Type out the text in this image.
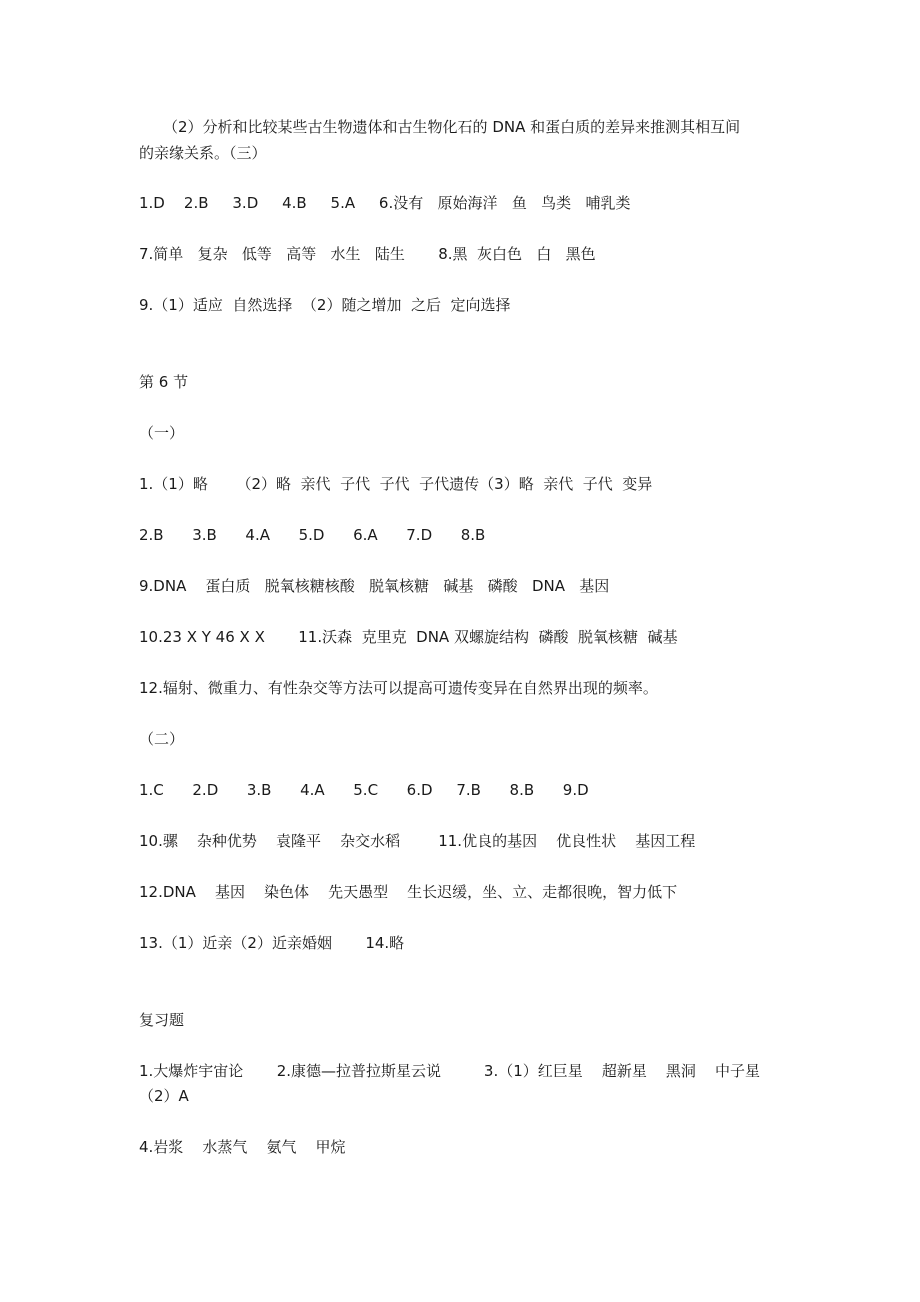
（2）分析和比较某些古生物遗体和古生物化石的 DNA 和蛋白质的差异来推测其相互间
的亲缘关系。（三）
1.D    2.B     3.D     4.B     5.A     6.没有   原始海洋   鱼   鸟类   哺乳类
7.简单   复杂   低等   高等   水生   陆生       8.黑  灰白色   白   黑色
9.（1）适应  自然选择  （2）随之增加  之后  定向选择
第 6 节
（一）
1.（1）略      （2）略  亲代  子代  子代  子代遗传（3）略  亲代  子代  变异
2.B      3.B      4.A      5.D      6.A      7.D      8.B
9.DNA    蛋白质   脱氧核糖核酸   脱氧核糖   碱基   磷酸   DNA   基因
10.23 X Y 46 X X       11.沃森  克里克  DNA 双螺旋结构  磷酸  脱氧核糖  碱基
12.辐射、微重力、有性杂交等方法可以提高可遗传变异在自然界出现的频率。
（二）
1.C      2.D      3.B      4.A      5.C      6.D     7.B      8.B      9.D
10.骡    杂种优势    袁隆平    杂交水稻        11.优良的基因    优良性状    基因工程
12.DNA    基因    染色体    先天愚型    生长迟缓，坐、立、走都很晚，智力低下
13.（1）近亲（2）近亲婚姻       14.略
复习题
1.大爆炸宇宙论       2.康德—拉普拉斯星云说         3.（1）红巨星    超新星    黑洞    中子星
（2）A
4.岩浆    水蒸气    氨气    甲烷
